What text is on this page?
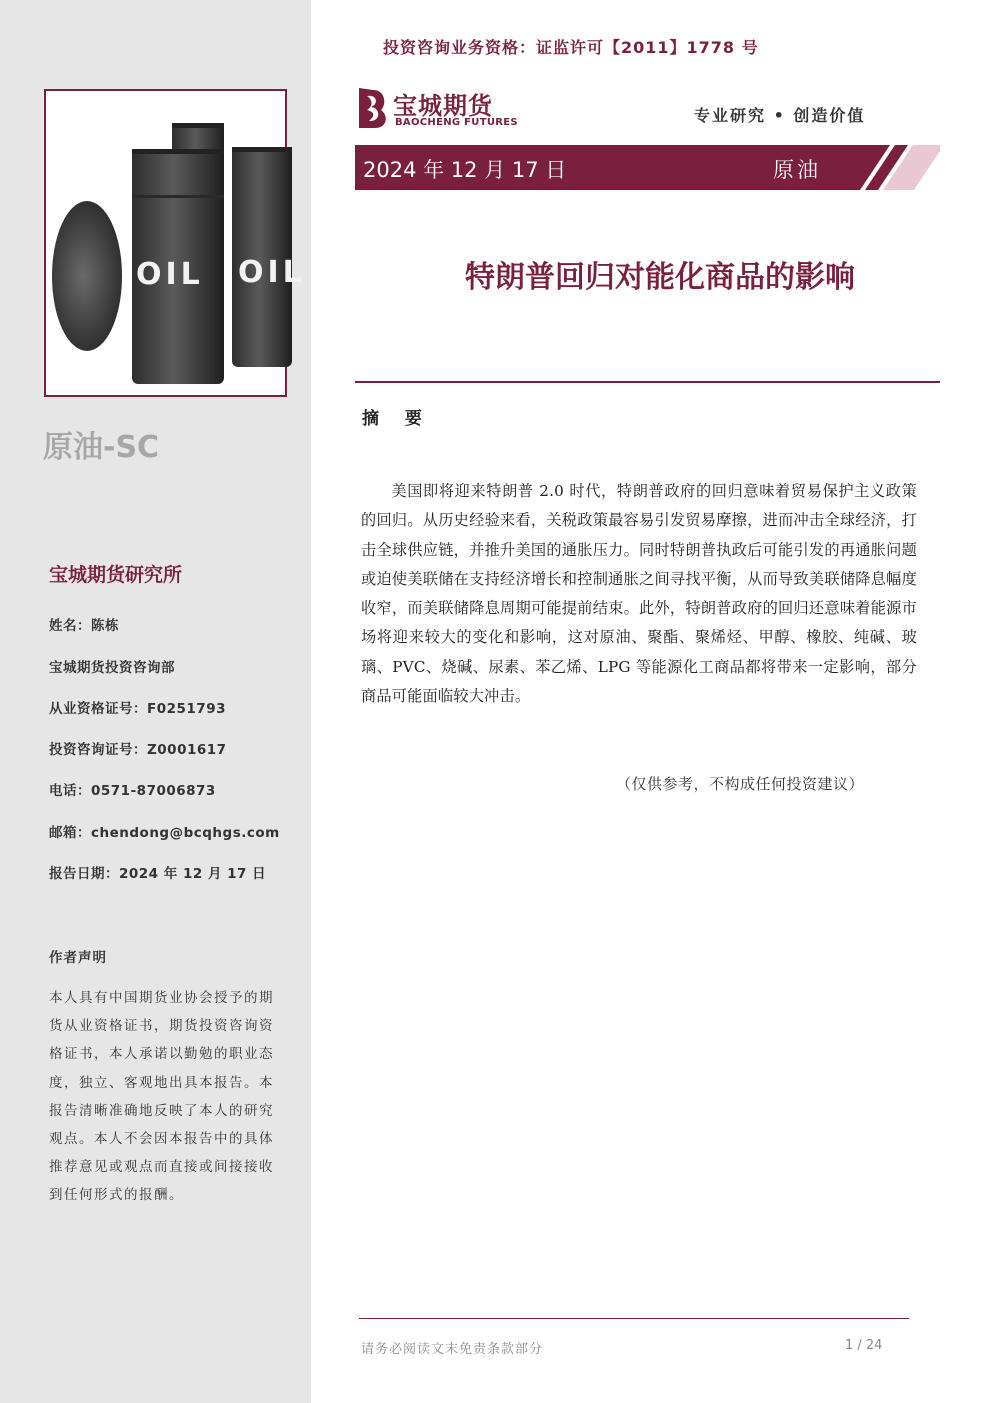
OIL
OIL
原油-SC
宝城期货研究所
姓名：陈栋
宝城期货投资咨询部
从业资格证号：F0251793
投资咨询证号：Z0001617
电话：0571-87006873
邮箱：chendong@bcqhgs.com
报告日期：2024 年 12 月 17 日
作者声明
本人具有中国期货业协会授予的期货从业资格证书，期货投资咨询资格证书，本人承诺以勤勉的职业态度，独立、客观地出具本报告。本报告清晰准确地反映了本人的研究观点。本人不会因本报告中的具体推荐意见或观点而直接或间接接收到任何形式的报酬。
投资咨询业务资格：证监许可【2011】1778 号
宝城期货
BAOCHENG FUTURES	专业研究 • 创造价值
2024 年 12 月 17 日	原油
特朗普回归对能化商品的影响
摘 要
美国即将迎来特朗普 2.0 时代，特朗普政府的回归意味着贸易保护主义政策的回归。从历史经验来看，关税政策最容易引发贸易摩擦，进而冲击全球经济，打击全球供应链，并推升美国的通胀压力。同时特朗普执政后可能引发的再通胀问题或迫使美联储在支持经济增长和控制通胀之间寻找平衡，从而导致美联储降息幅度收窄，而美联储降息周期可能提前结束。此外，特朗普政府的回归还意味着能源市场将迎来较大的变化和影响，这对原油、聚酯、聚烯烃、甲醇、橡胶、纯碱、玻璃、PVC、烧碱、尿素、苯乙烯、LPG 等能源化工商品都将带来一定影响，部分商品可能面临较大冲击。
（仅供参考，不构成任何投资建议）
请务必阅读文末免责条款部分	1 / 24
